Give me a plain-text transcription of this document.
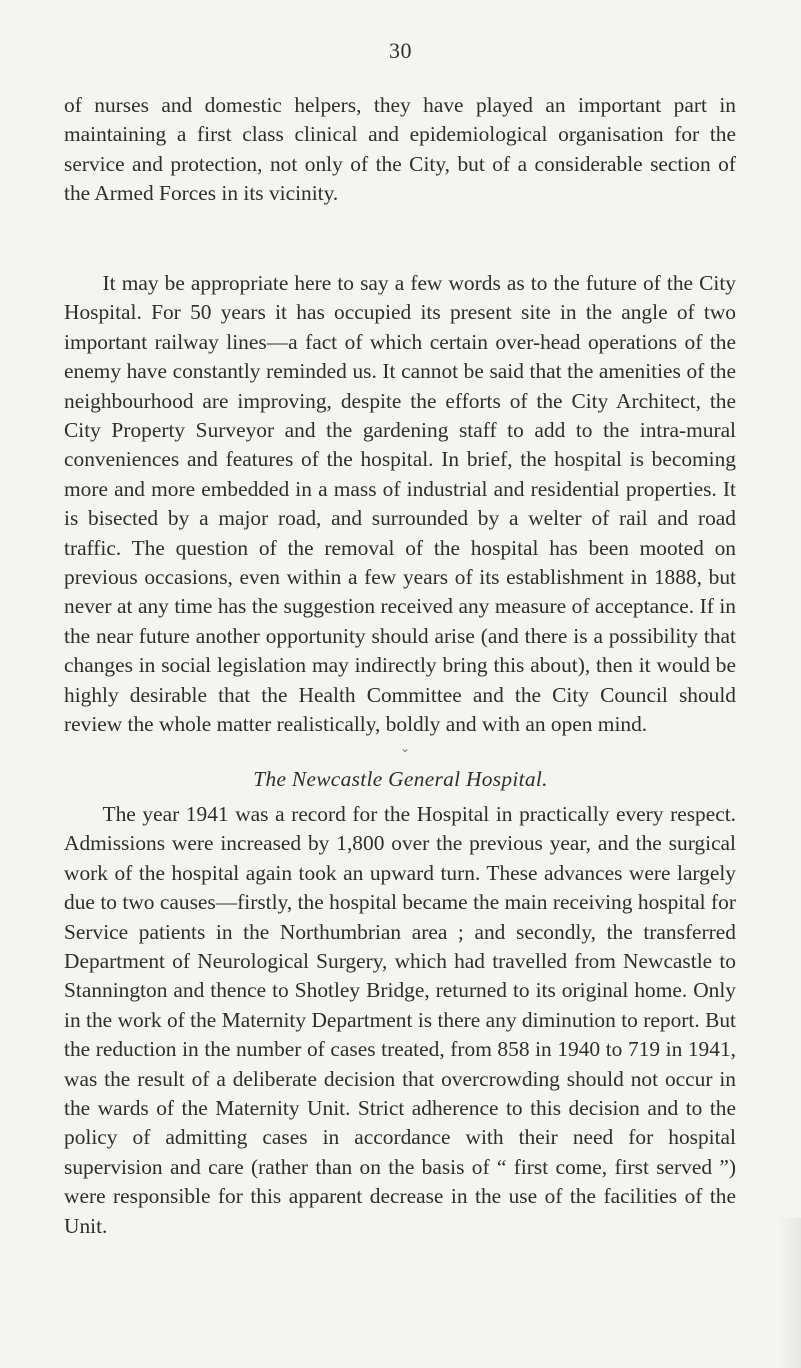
30

of nurses and domestic helpers, they have played an important part in maintaining a first class clinical and epidemiological organisation for the service and protection, not only of the City, but of a considerable section of the Armed Forces in its vicinity.

It may be appropriate here to say a few words as to the future of the City Hospital. For 50 years it has occupied its present site in the angle of two important railway lines—a fact of which certain over-head operations of the enemy have constantly reminded us. It cannot be said that the amenities of the neighbourhood are improving, despite the efforts of the City Architect, the City Property Surveyor and the gardening staff to add to the intra-mural conveniences and features of the hospital. In brief, the hospital is becoming more and more embedded in a mass of industrial and residential properties. It is bisected by a major road, and surrounded by a welter of rail and road traffic. The question of the removal of the hospital has been mooted on previous occasions, even within a few years of its establishment in 1888, but never at any time has the suggestion received any measure of acceptance. If in the near future another opportunity should arise (and there is a possibility that changes in social legislation may indirectly bring this about), then it would be highly desirable that the Health Committee and the City Council should review the whole matter realistically, boldly and with an open mind.

⌄
The Newcastle General Hospital.

The year 1941 was a record for the Hospital in practically every respect. Admissions were increased by 1,800 over the previous year, and the surgical work of the hospital again took an upward turn. These advances were largely due to two causes—firstly, the hospital became the main receiving hospital for Service patients in the Northumbrian area ; and secondly, the transferred Department of Neurological Surgery, which had travelled from Newcastle to Stannington and thence to Shotley Bridge, returned to its original home. Only in the work of the Maternity Department is there any diminution to report. But the reduction in the number of cases treated, from 858 in 1940 to 719 in 1941, was the result of a deliberate decision that overcrowding should not occur in the wards of the Maternity Unit. Strict adherence to this decision and to the policy of admitting cases in accordance with their need for hospital supervision and care (rather than on the basis of “ first come, first served ”) were responsible for this apparent decrease in the use of the facilities of the Unit.
